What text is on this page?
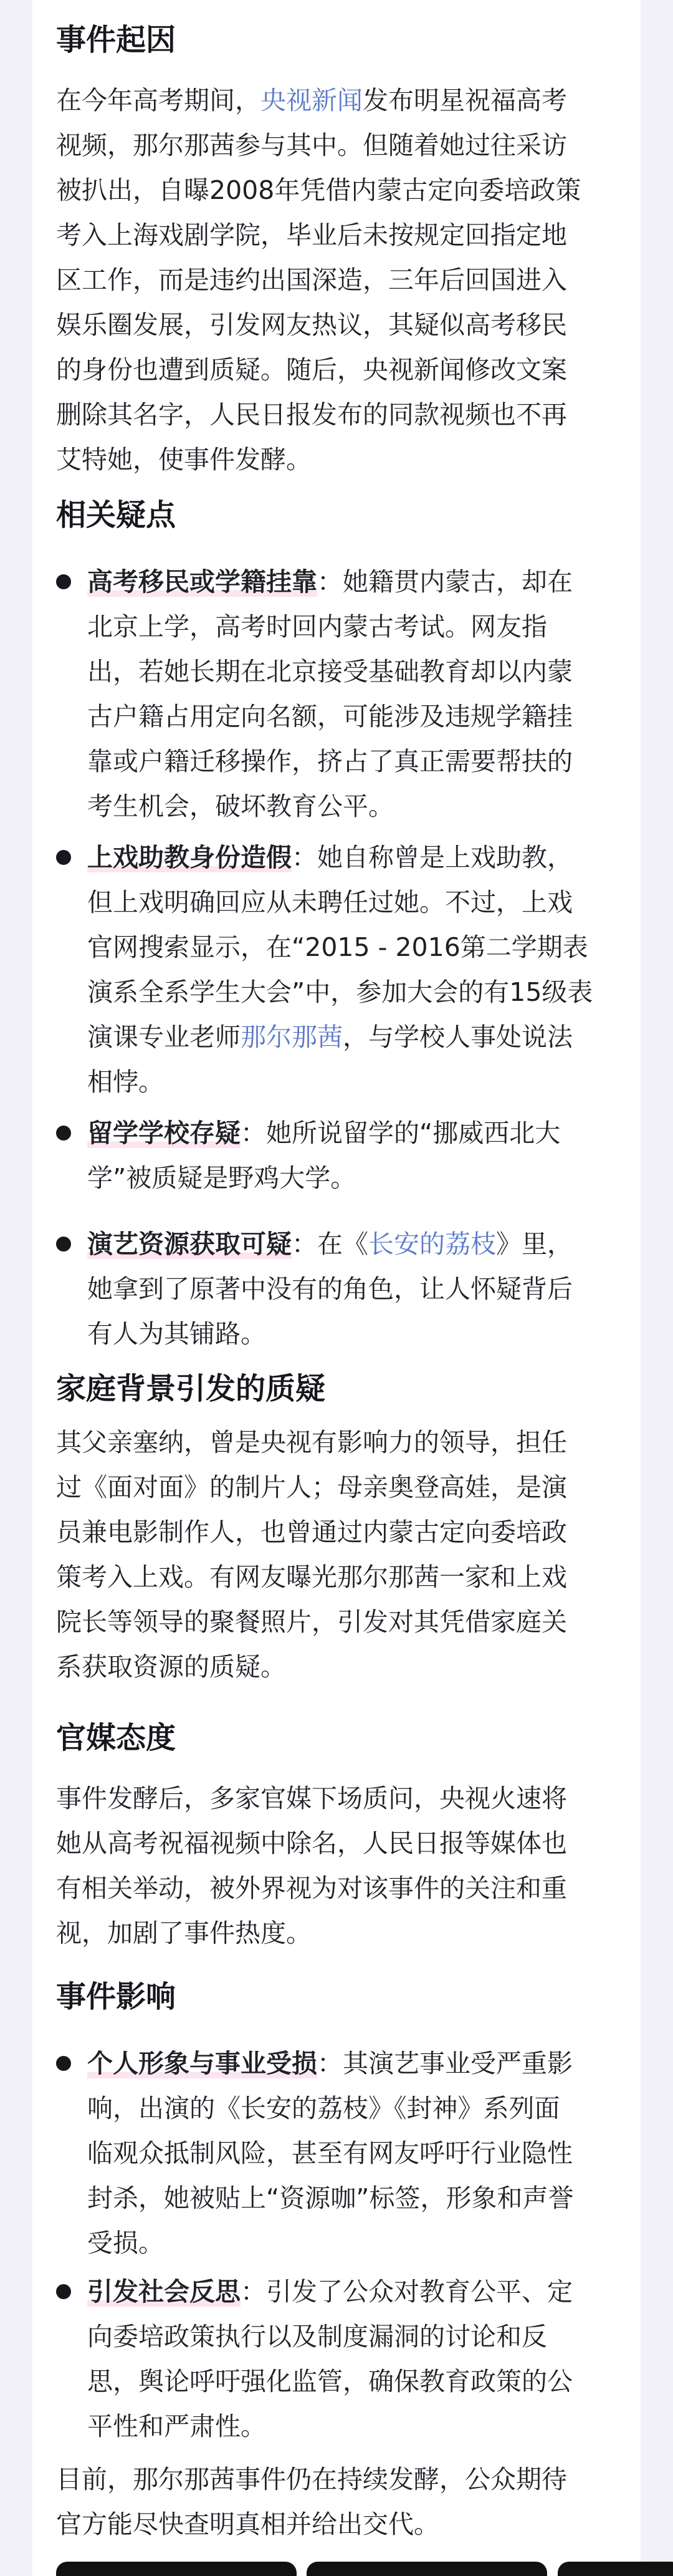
事件起因
在今年高考期间，央视新闻发布明星祝福高考
视频，那尔那茜参与其中。但随着她过往采访
被扒出，自曝2008年凭借内蒙古定向委培政策
考入上海戏剧学院，毕业后未按规定回指定地
区工作，而是违约出国深造，三年后回国进入
娱乐圈发展，引发网友热议，其疑似高考移民
的身份也遭到质疑。随后，央视新闻修改文案
删除其名字，人民日报发布的同款视频也不再
艾特她，使事件发酵。
相关疑点
高考移民或学籍挂靠：她籍贯内蒙古，却在
北京上学，高考时回内蒙古考试。网友指
出，若她长期在北京接受基础教育却以内蒙
古户籍占用定向名额，可能涉及违规学籍挂
靠或户籍迁移操作，挤占了真正需要帮扶的
考生机会，破坏教育公平。
上戏助教身份造假：她自称曾是上戏助教，
但上戏明确回应从未聘任过她。不过，上戏
官网搜索显示，在“2015 - 2016第二学期表
演系全系学生大会”中，参加大会的有15级表
演课专业老师那尔那茜，与学校人事处说法
相悖。
留学学校存疑：她所说留学的“挪威西北大
学”被质疑是野鸡大学。
演艺资源获取可疑：在《长安的荔枝》里，
她拿到了原著中没有的角色，让人怀疑背后
有人为其铺路。
家庭背景引发的质疑
其父亲塞纳，曾是央视有影响力的领导，担任
过《面对面》的制片人；母亲奥登高娃，是演
员兼电影制作人，也曾通过内蒙古定向委培政
策考入上戏。有网友曝光那尔那茜一家和上戏
院长等领导的聚餐照片，引发对其凭借家庭关
系获取资源的质疑。
官媒态度
事件发酵后，多家官媒下场质问，央视火速将
她从高考祝福视频中除名，人民日报等媒体也
有相关举动，被外界视为对该事件的关注和重
视，加剧了事件热度。
事件影响
个人形象与事业受损：其演艺事业受严重影
响，出演的《长安的荔枝》《封神》系列面
临观众抵制风险，甚至有网友呼吁行业隐性
封杀，她被贴上“资源咖”标签，形象和声誉
受损。
引发社会反思：引发了公众对教育公平、定
向委培政策执行以及制度漏洞的讨论和反
思，舆论呼吁强化监管，确保教育政策的公
平性和严肃性。
目前，那尔那茜事件仍在持续发酵，公众期待
官方能尽快查明真相并给出交代。
